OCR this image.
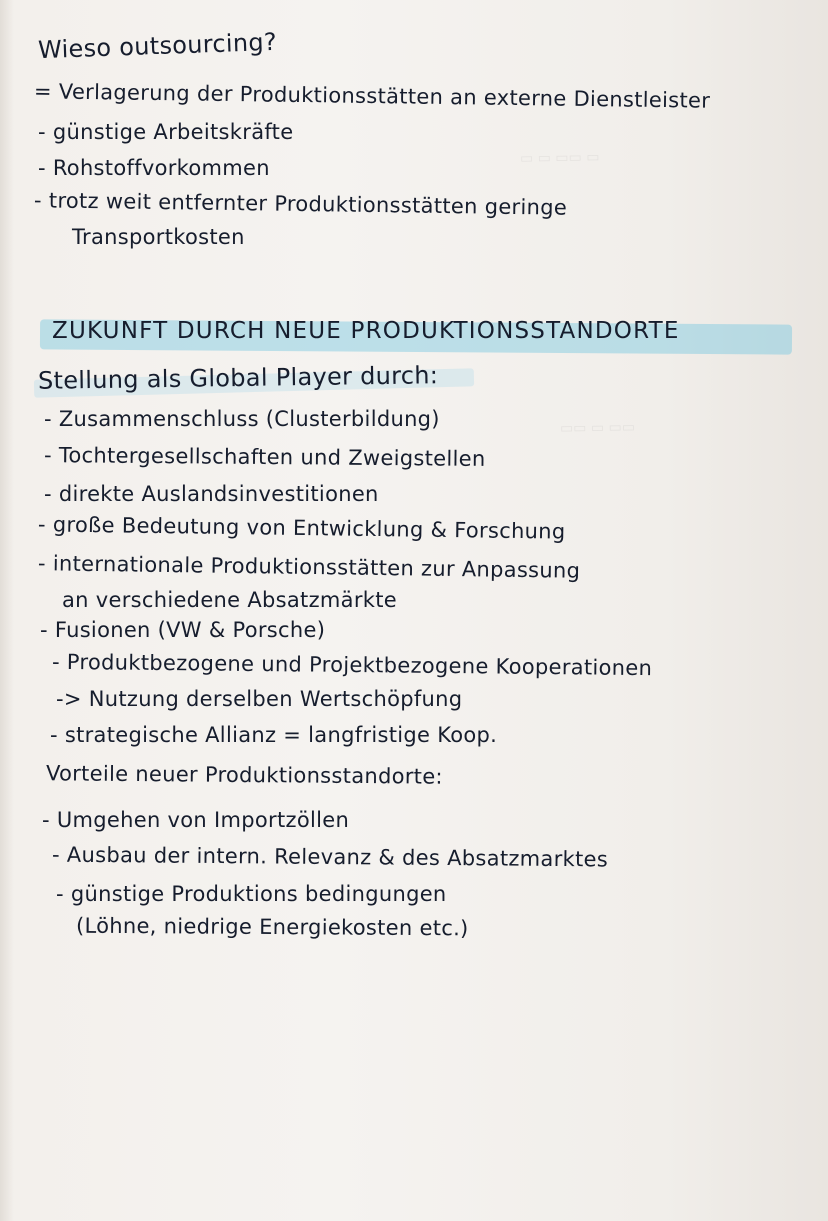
▭ ▭ ▭▭ ▭
▭▭ ▭ ▭▭
Wieso outsourcing?
= Verlagerung der Produktionsstätten an externe Dienstleister
- günstige Arbeitskräfte
- Rohstoffvorkommen
- trotz weit entfernter Produktionsstätten geringe
Transportkosten
ZUKUNFT DURCH NEUE PRODUKTIONSSTANDORTE
Stellung als Global Player durch:
- Zusammenschluss (Clusterbildung)
- Tochtergesellschaften und Zweigstellen
- direkte Auslandsinvestitionen
- große Bedeutung von Entwicklung & Forschung
- internationale Produktionsstätten zur Anpassung
an verschiedene Absatzmärkte
- Fusionen (VW & Porsche)
- Produktbezogene und Projektbezogene Kooperationen
-> Nutzung derselben Wertschöpfung
- strategische Allianz = langfristige Koop.
Vorteile neuer Produktionsstandorte:
- Umgehen von Importzöllen
- Ausbau der intern. Relevanz & des Absatzmarktes
- günstige Produktions bedingungen
(Löhne, niedrige Energiekosten etc.)
